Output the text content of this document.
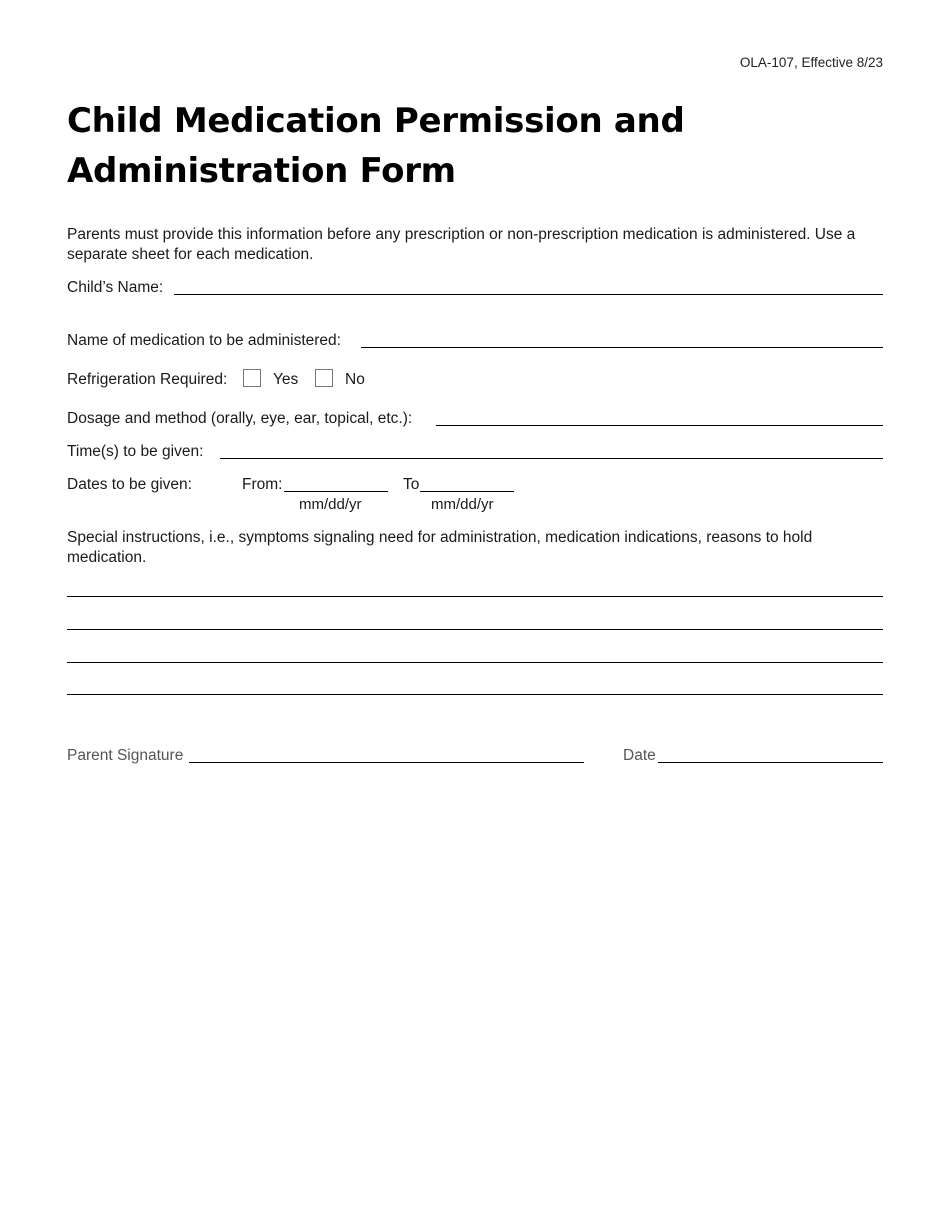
OLA-107, Effective 8/23
Child Medication Permission and
Administration Form
Parents must provide this information before any prescription or non-prescription medication is administered. Use a separate sheet for each medication.
Child’s Name:
Name of medication to be administered:
Refrigeration Required:	Yes	No
Dosage and method (orally, eye, ear, topical, etc.):
Time(s) to be given:
Dates to be given:	From:	To
mm/dd/yr	mm/dd/yr
Special instructions, i.e., symptoms signaling need for administration, medication indications, reasons to hold medication.
Parent Signature	Date
